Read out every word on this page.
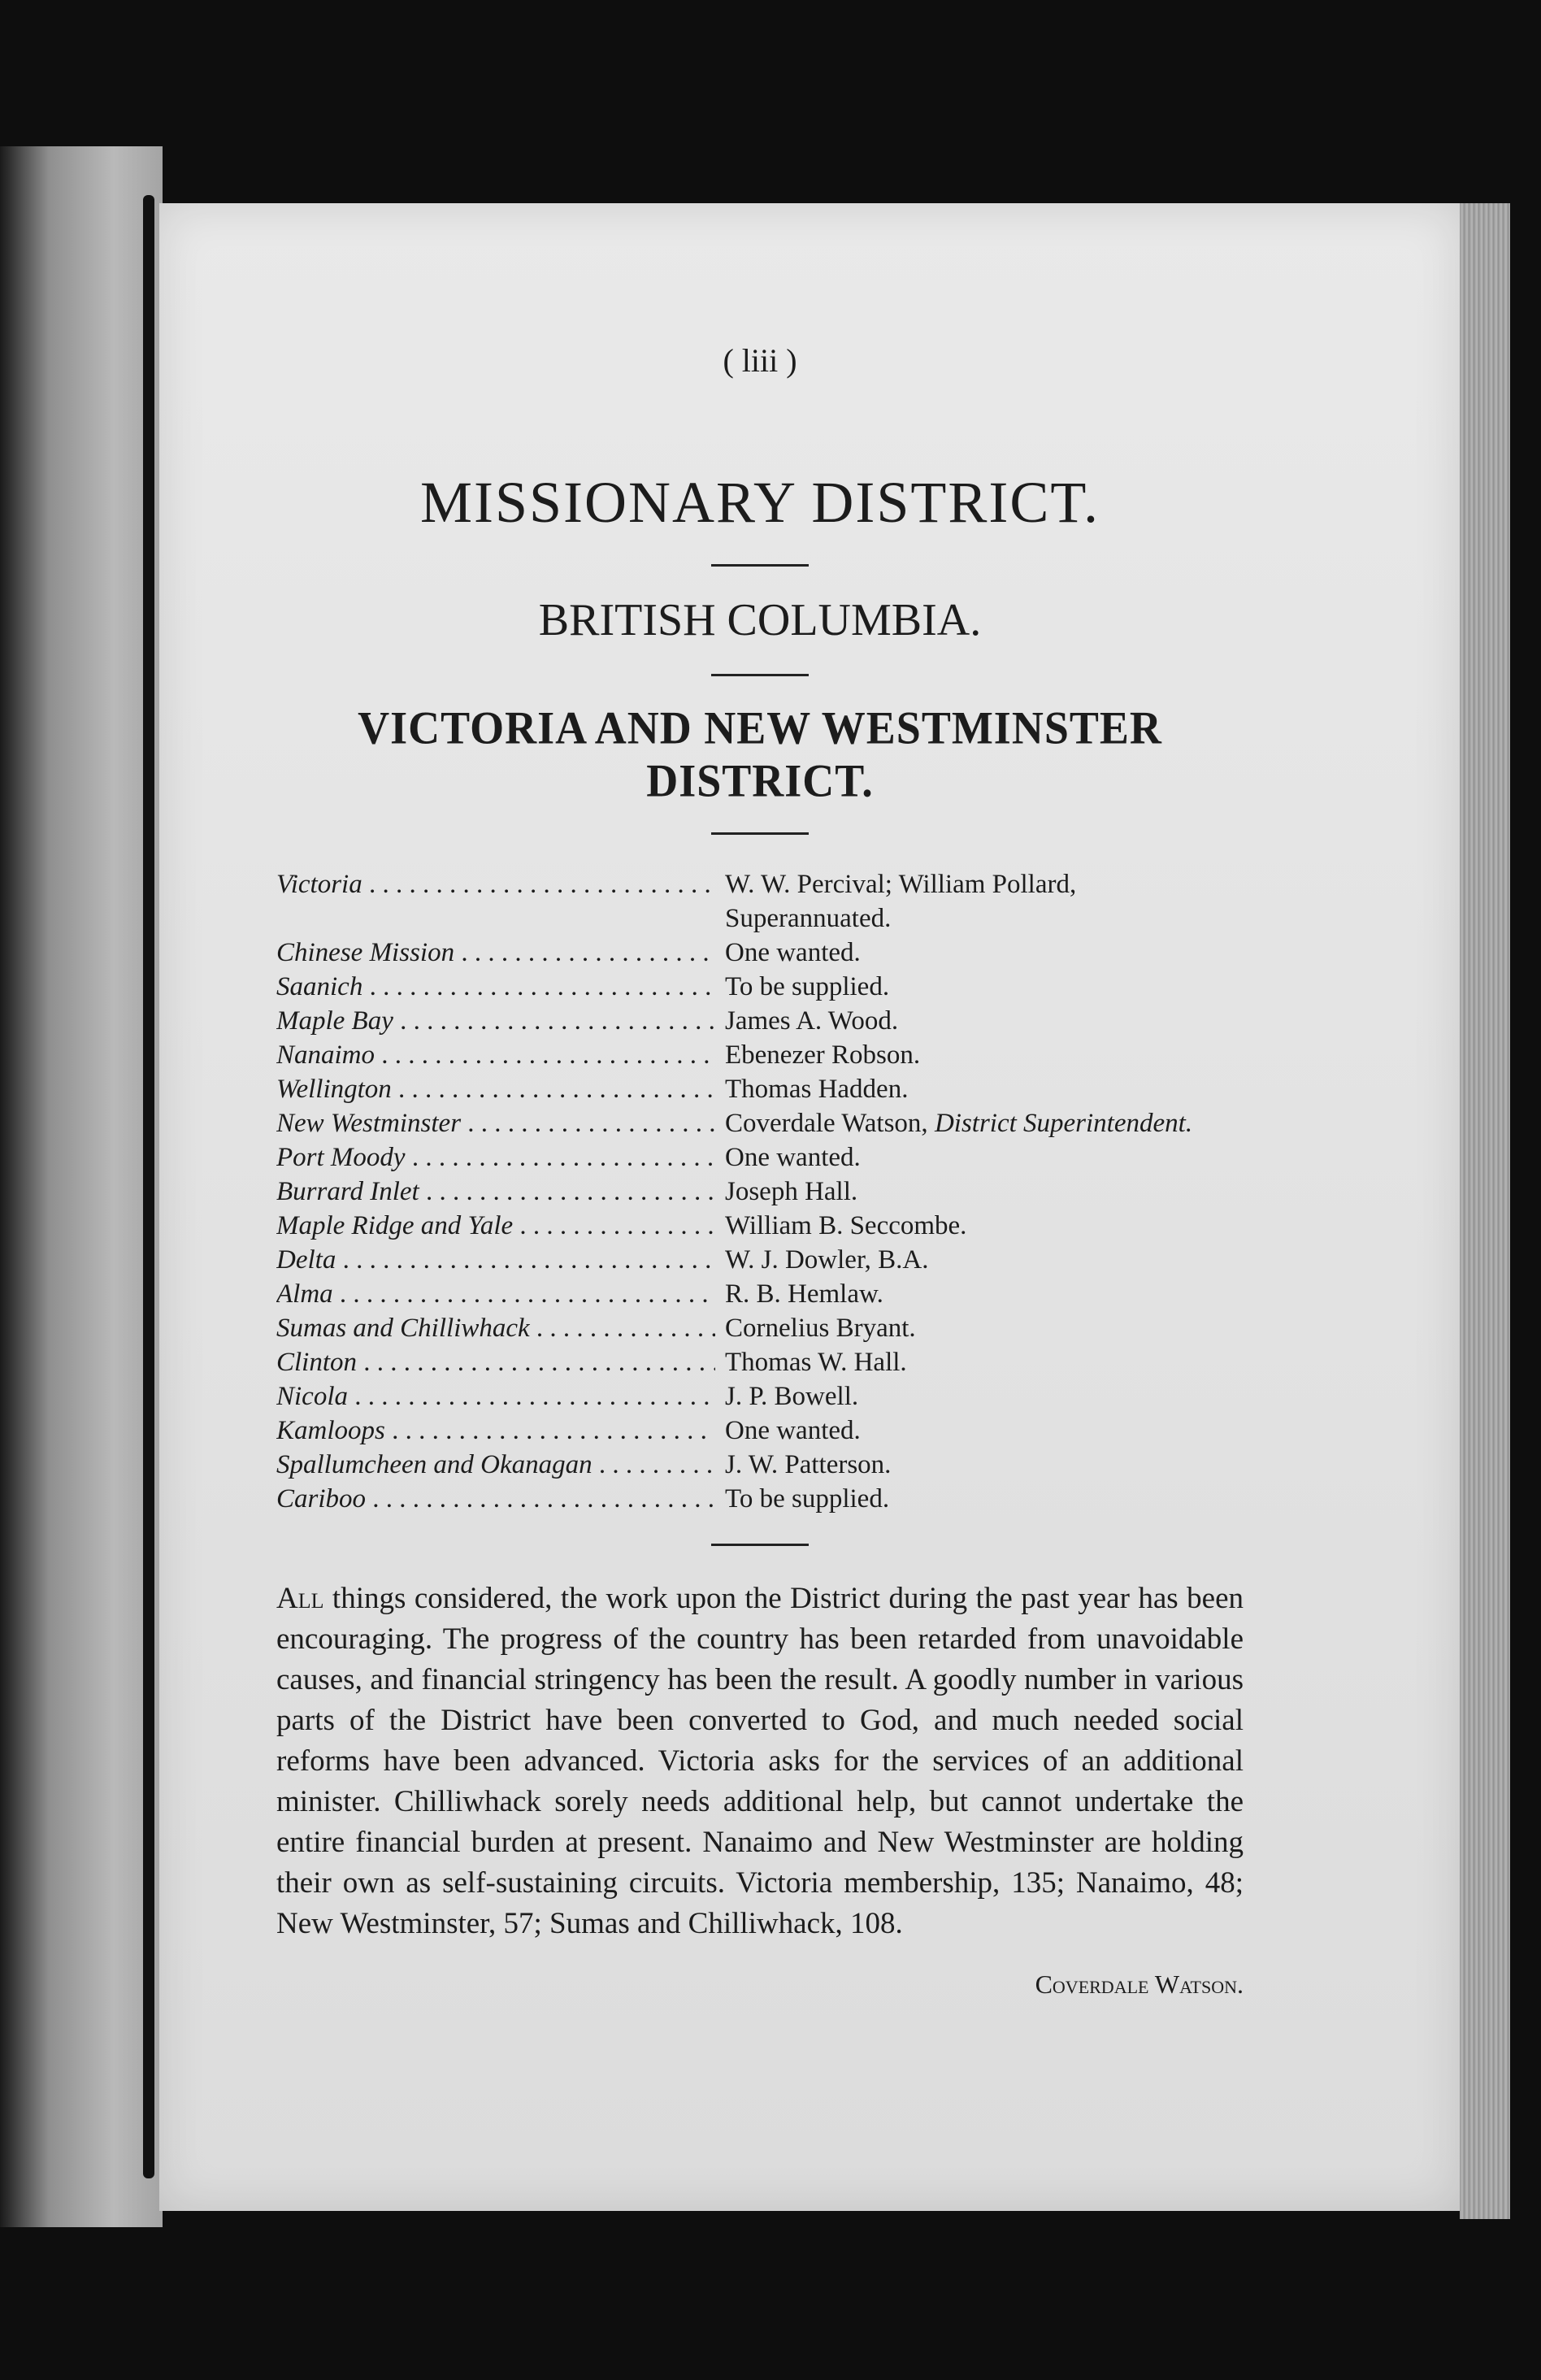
( liii )
MISSIONARY DISTRICT.
BRITISH COLUMBIA.
VICTORIA AND NEW WESTMINSTER DISTRICT.
Victoria . . .	W. W. Percival; William Pollard, Superannuated.
Chinese Mission . . .	One wanted.
Saanich . . .	To be supplied.
Maple Bay . . .	James A. Wood.
Nanaimo . . .	Ebenezer Robson.
Wellington . . .	Thomas Hadden.
New Westminster . . .	Coverdale Watson, District Superintendent.
Port Moody . . .	One wanted.
Burrard Inlet . . .	Joseph Hall.
Maple Ridge and Yale . . .	William B. Seccombe.
Delta . . .	W. J. Dowler, B.A.
Alma . . .	R. B. Hemlaw.
Sumas and Chilliwhack . . .	Cornelius Bryant.
Clinton . . .	Thomas W. Hall.
Nicola . . .	J. P. Bowell.
Kamloops . . .	One wanted.
Spallumcheen and Okanagan . . .	J. W. Patterson.
Cariboo . . .	To be supplied.

All things considered, the work upon the District during the past year has been encouraging. The progress of the country has been retarded from unavoidable causes, and financial stringency has been the result. A goodly number in various parts of the District have been converted to God, and much needed social reforms have been advanced. Victoria asks for the services of an additional minister. Chilliwhack sorely needs additional help, but cannot undertake the entire financial burden at present. Nanaimo and New Westminster are holding their own as self-sustaining circuits. Victoria membership, 135; Nanaimo, 48; New Westminster, 57; Sumas and Chilliwhack, 108.

Coverdale Watson.
